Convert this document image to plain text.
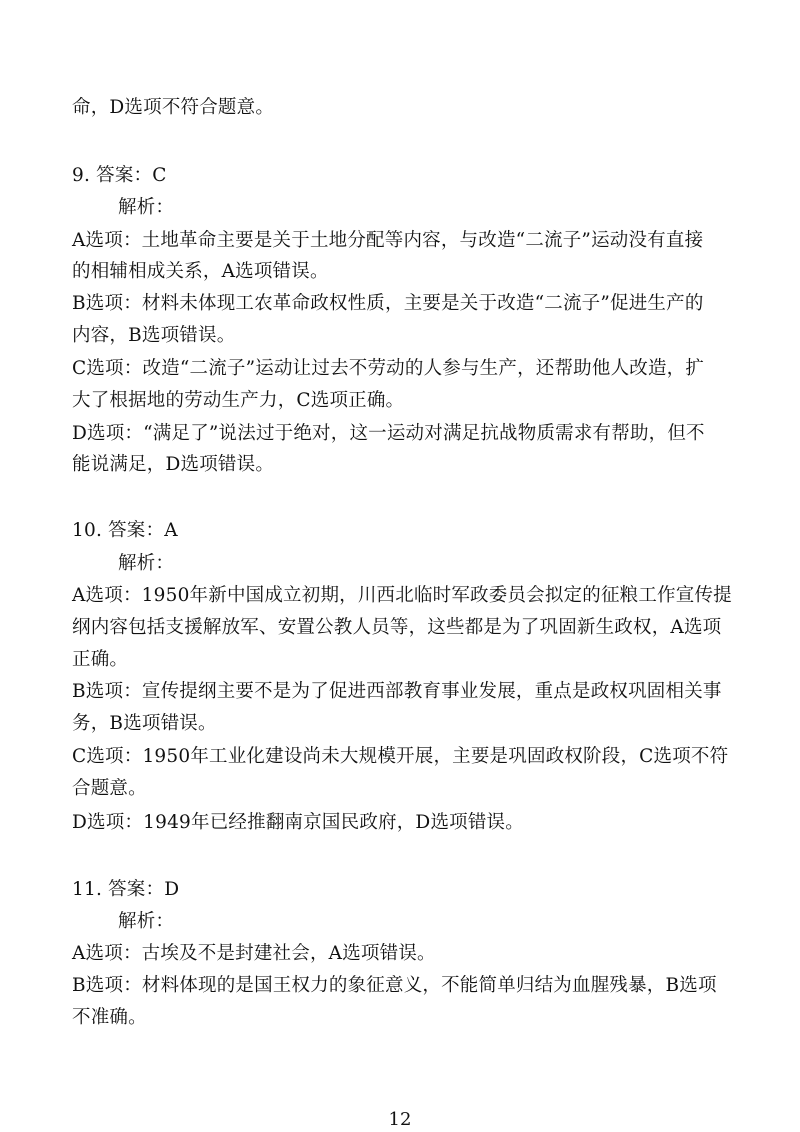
命，D选项不符合题意。
9. 答案：C
解析：
A选项：土地革命主要是关于土地分配等内容，与改造“二流子”运动没有直接
的相辅相成关系，A选项错误。
B选项：材料未体现工农革命政权性质，主要是关于改造“二流子”促进生产的
内容，B选项错误。
C选项：改造“二流子”运动让过去不劳动的人参与生产，还帮助他人改造，扩
大了根据地的劳动生产力，C选项正确。
D选项：“满足了”说法过于绝对，这一运动对满足抗战物质需求有帮助，但不
能说满足，D选项错误。
10. 答案：A
解析：
A选项：1950年新中国成立初期，川西北临时军政委员会拟定的征粮工作宣传提
纲内容包括支援解放军、安置公教人员等，这些都是为了巩固新生政权，A选项
正确。
B选项：宣传提纲主要不是为了促进西部教育事业发展，重点是政权巩固相关事
务，B选项错误。
C选项：1950年工业化建设尚未大规模开展，主要是巩固政权阶段，C选项不符
合题意。
D选项：1949年已经推翻南京国民政府，D选项错误。
11. 答案：D
解析：
A选项：古埃及不是封建社会，A选项错误。
B选项：材料体现的是国王权力的象征意义，不能简单归结为血腥残暴，B选项
不准确。
12
